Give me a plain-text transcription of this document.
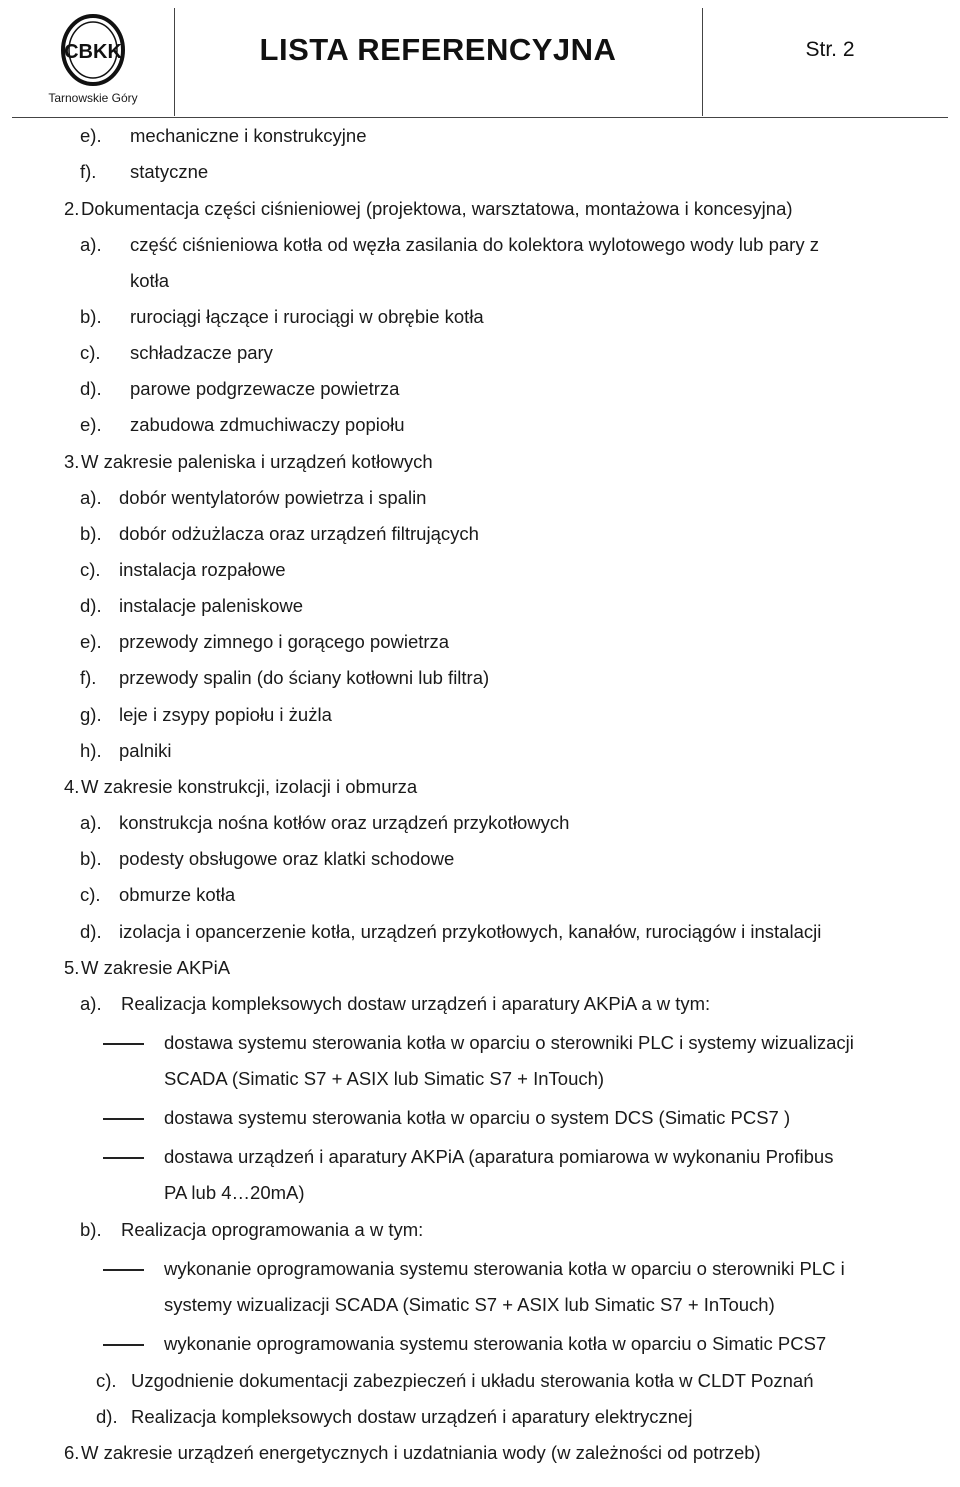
CBKK
Tarnowskie Góry
LISTA REFERENCYJNA	Str. 2
e). mechaniczne i konstrukcyjne
f). statyczne
2.Dokumentacja części ciśnieniowej (projektowa, warsztatowa, montażowa i koncesyjna)
a). część ciśnieniowa kotła od węzła zasilania do kolektora wylotowego wody lub pary z
kotła
b). rurociągi łączące i rurociągi w obrębie kotła
c). schładzacze pary
d). parowe podgrzewacze powietrza
e). zabudowa zdmuchiwaczy popiołu
3.W zakresie paleniska i urządzeń kotłowych
a). dobór wentylatorów powietrza i spalin
b). dobór odżużlacza oraz urządzeń filtrujących
c). instalacja rozpałowe
d). instalacje paleniskowe
e). przewody zimnego i gorącego powietrza
f). przewody spalin (do ściany kotłowni lub filtra)
g). leje i zsypy popiołu i żużla
h). palniki
4.W zakresie konstrukcji, izolacji i obmurza
a). konstrukcja nośna kotłów oraz urządzeń przykotłowych
b). podesty obsługowe oraz klatki schodowe
c). obmurze kotła
d). izolacja i opancerzenie kotła, urządzeń przykotłowych, kanałów, rurociągów i instalacji
5.W zakresie AKPiA
a). Realizacja kompleksowych dostaw urządzeń i aparatury AKPiA a w tym:
dostawa systemu sterowania kotła w oparciu o sterowniki PLC i systemy wizualizacji
SCADA (Simatic S7 + ASIX lub Simatic S7 + InTouch)
dostawa systemu sterowania kotła w oparciu o system DCS (Simatic PCS7 )
dostawa urządzeń i aparatury AKPiA (aparatura pomiarowa w wykonaniu Profibus
PA lub 4…20mA)
b). Realizacja oprogramowania a w tym:
wykonanie oprogramowania systemu sterowania kotła w oparciu o sterowniki PLC i
systemy wizualizacji SCADA (Simatic S7 + ASIX lub Simatic S7 + InTouch)
wykonanie oprogramowania systemu sterowania kotła w oparciu o Simatic PCS7
c). Uzgodnienie dokumentacji zabezpieczeń i układu sterowania kotła w CLDT Poznań
d). Realizacja kompleksowych dostaw urządzeń i aparatury elektrycznej
6.W zakresie urządzeń energetycznych i uzdatniania wody (w zależności od potrzeb)
